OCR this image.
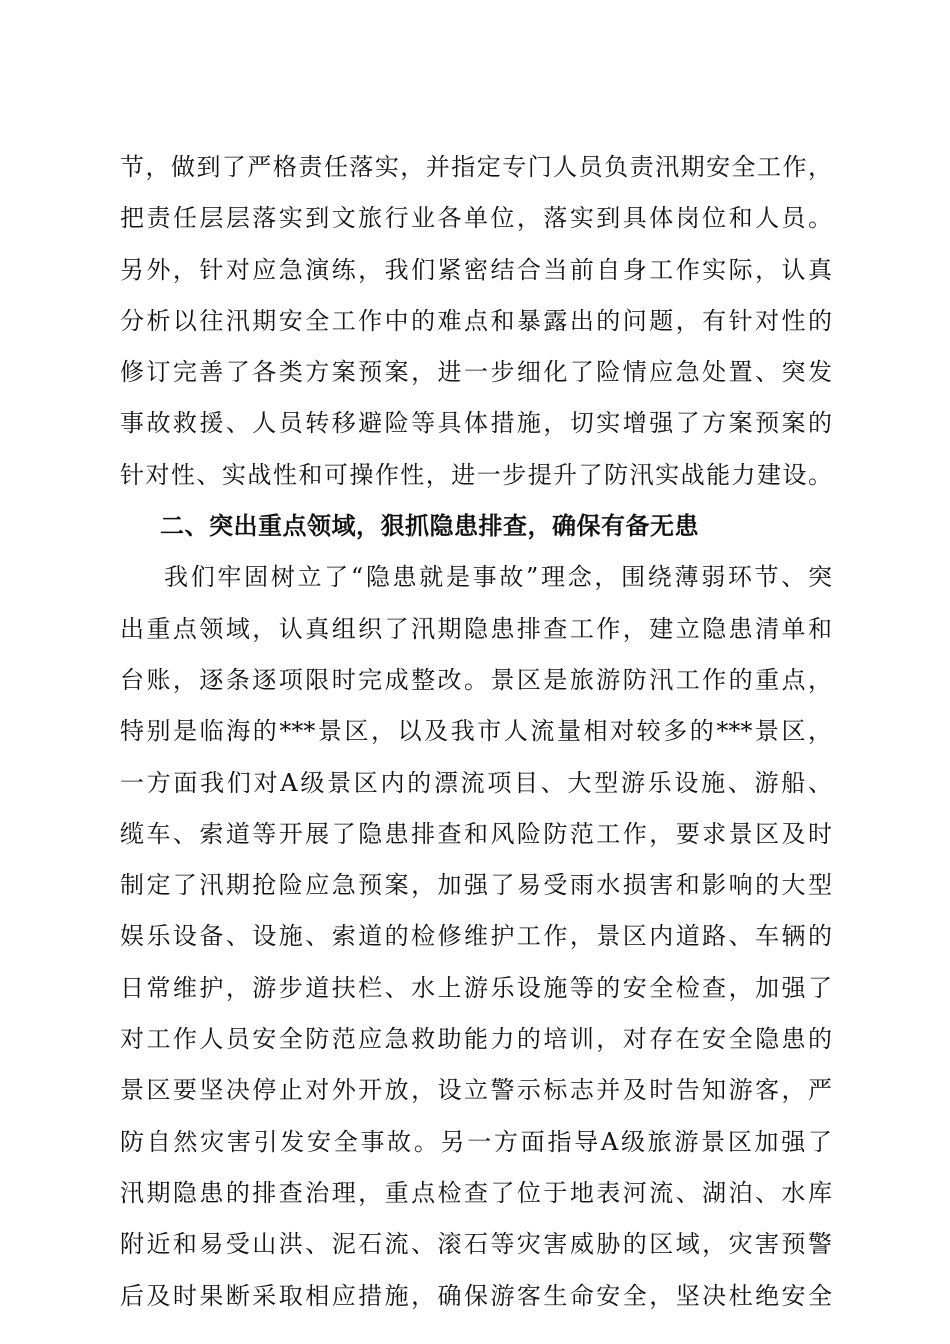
节，做到了严格责任落实，并指定专门人员负责汛期安全工作，
把责任层层落实到文旅行业各单位，落实到具体岗位和人员。
另外，针对应急演练，我们紧密结合当前自身工作实际，认真
分析以往汛期安全工作中的难点和暴露出的问题，有针对性的
修订完善了各类方案预案，进一步细化了险情应急处置、突发
事故救援、人员转移避险等具体措施，切实增强了方案预案的
针对性、实战性和可操作性，进一步提升了防汛实战能力建设。
二、突出重点领域，狠抓隐患排查，确保有备无患
我们牢固树立了“隐患就是事故”理念，围绕薄弱环节、突
出重点领域，认真组织了汛期隐患排查工作，建立隐患清单和
台账，逐条逐项限时完成整改。景区是旅游防汛工作的重点，
特别是临海的***景区，以及我市人流量相对较多的***景区，
一方面我们对A级景区内的漂流项目、大型游乐设施、游船、
缆车、索道等开展了隐患排查和风险防范工作，要求景区及时
制定了汛期抢险应急预案，加强了易受雨水损害和影响的大型
娱乐设备、设施、索道的检修维护工作，景区内道路、车辆的
日常维护，游步道扶栏、水上游乐设施等的安全检查，加强了
对工作人员安全防范应急救助能力的培训，对存在安全隐患的
景区要坚决停止对外开放，设立警示标志并及时告知游客，严
防自然灾害引发安全事故。另一方面指导A级旅游景区加强了
汛期隐患的排查治理，重点检查了位于地表河流、湖泊、水库
附近和易受山洪、泥石流、滚石等灾害威胁的区域，灾害预警
后及时果断采取相应措施，确保游客生命安全，坚决杜绝安全
